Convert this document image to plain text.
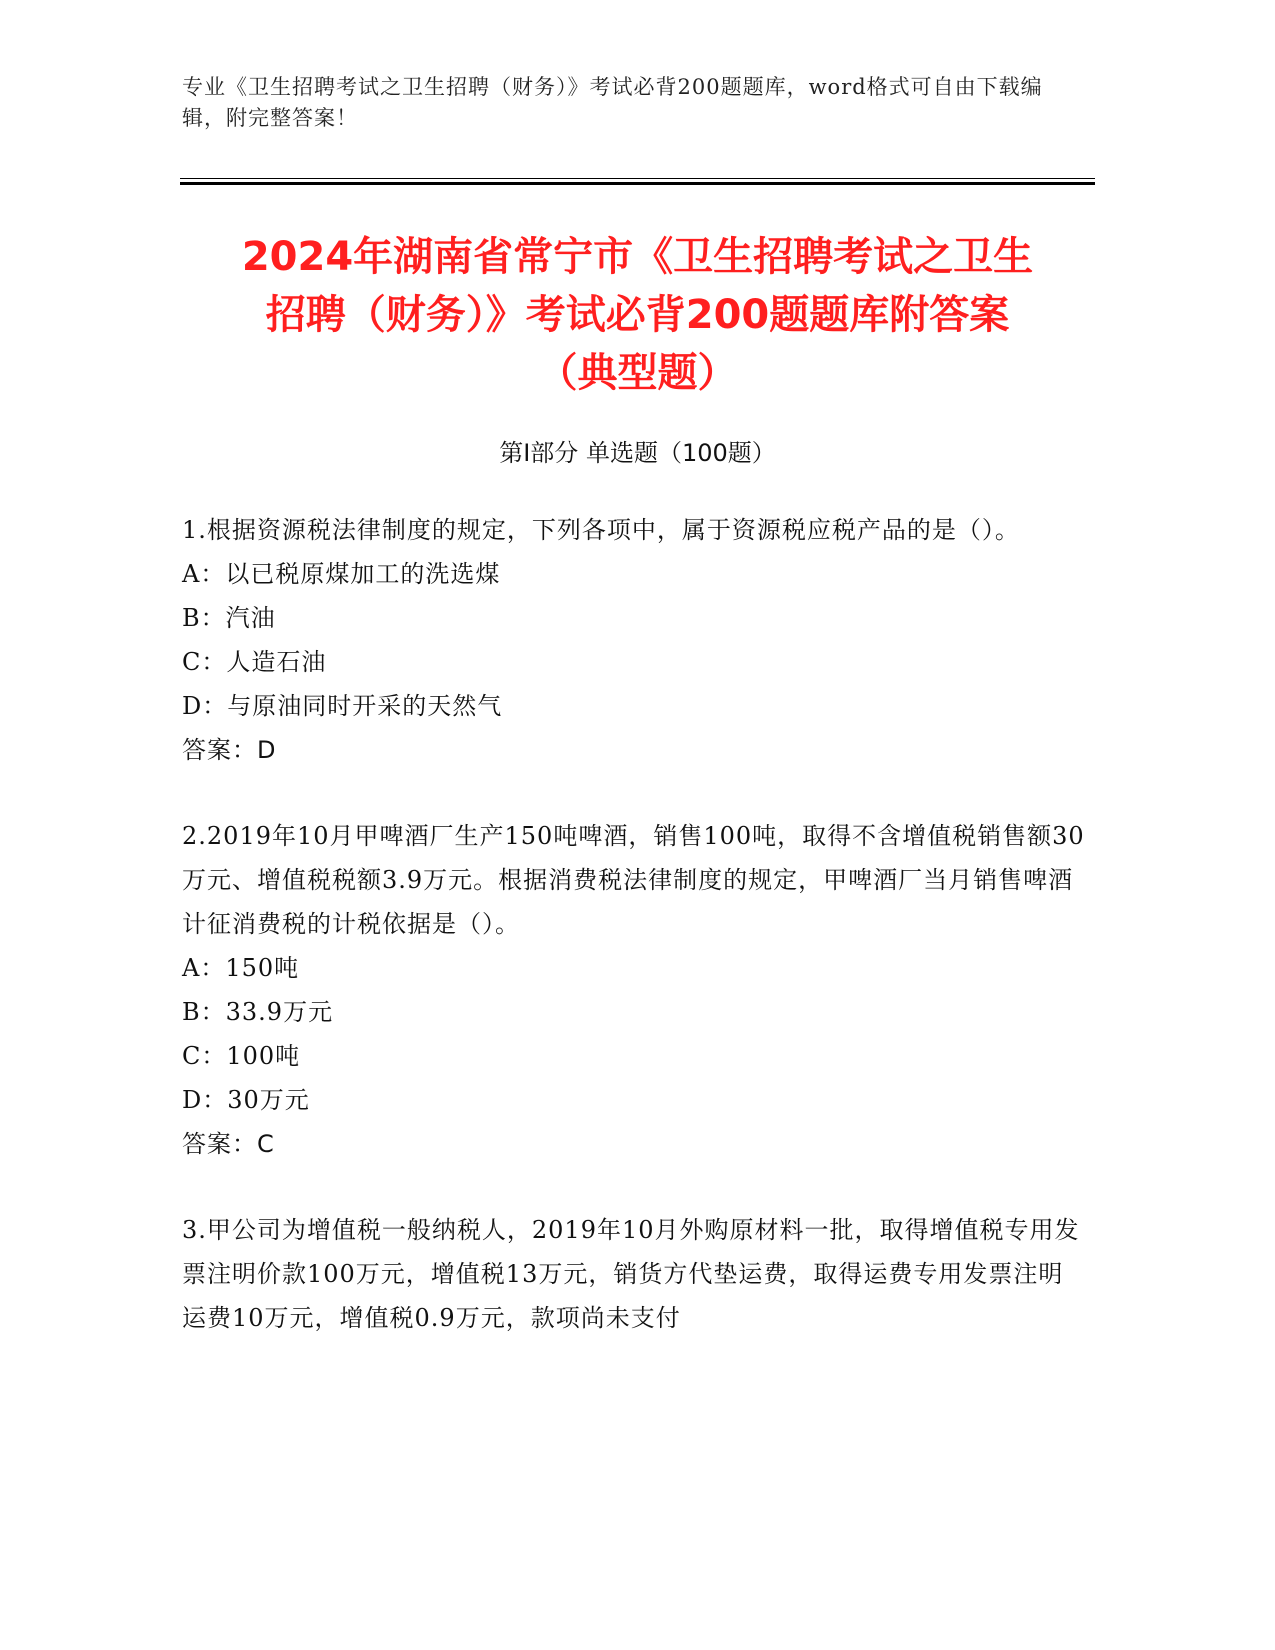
专业《卫生招聘考试之卫生招聘（财务）》考试必背200题题库，word格式可自由下载编辑，附完整答案！
2024年湖南省常宁市《卫生招聘考试之卫生
招聘（财务）》考试必背200题题库附答案
（典型题）
第Ⅰ部分 单选题（100题）

1.根据资源税法律制度的规定，下列各项中，属于资源税应税产品的是（）。

A：以已税原煤加工的洗选煤

B：汽油

C：人造石油

D：与原油同时开采的天然气

答案：D

2.2019年10月甲啤酒厂生产150吨啤酒，销售100吨，取得不含增值税销售额30万元、增值税税额3.9万元。根据消费税法律制度的规定，甲啤酒厂当月销售啤酒计征消费税的计税依据是（）。

A：150吨

B：33.9万元

C：100吨

D：30万元

答案：C

3.甲公司为增值税一般纳税人，2019年10月外购原材料一批，取得增值税专用发票注明价款100万元，增值税13万元，销货方代垫运费，取得运费专用发票注明运费10万元，增值税0.9万元，款项尚未支付
